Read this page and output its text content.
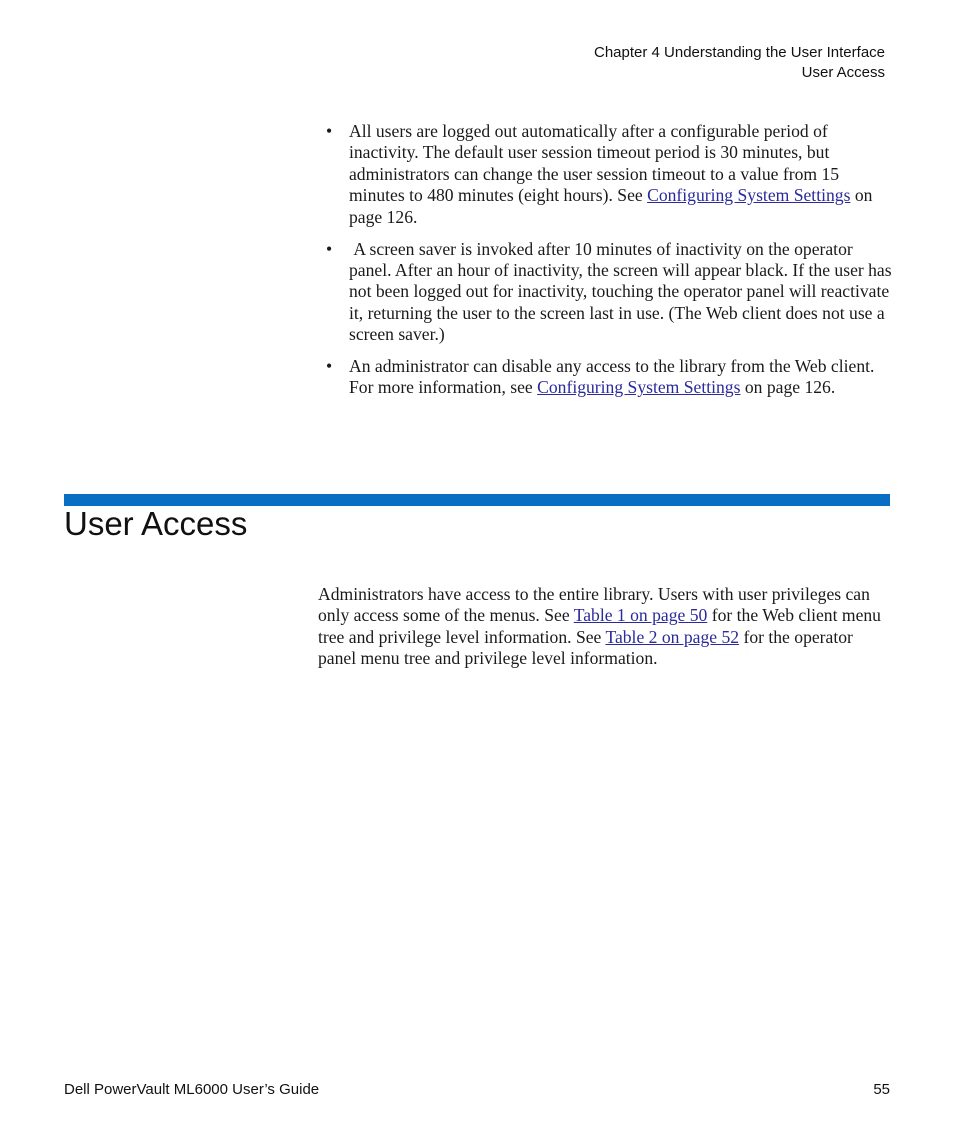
Chapter 4 Understanding the User Interface
User Access
• All users are logged out automatically after a configurable period of inactivity. The default user session timeout period is 30 minutes, but administrators can change the user session timeout to a value from 15 minutes to 480 minutes (eight hours). See Configuring System Settings on page 126.
• A screen saver is invoked after 10 minutes of inactivity on the operator panel. After an hour of inactivity, the screen will appear black. If the user has not been logged out for inactivity, touching the operator panel will reactivate it, returning the user to the screen last in use. (The Web client does not use a screen saver.)
• An administrator can disable any access to the library from the Web client. For more information, see Configuring System Settings on page 126.
User Access

Administrators have access to the entire library. Users with user privileges can only access some of the menus. See Table 1 on page 50 for the Web client menu tree and privilege level information. See Table 2 on page 52 for the operator panel menu tree and privilege level information.

Dell PowerVault ML6000 User’s Guide	55
